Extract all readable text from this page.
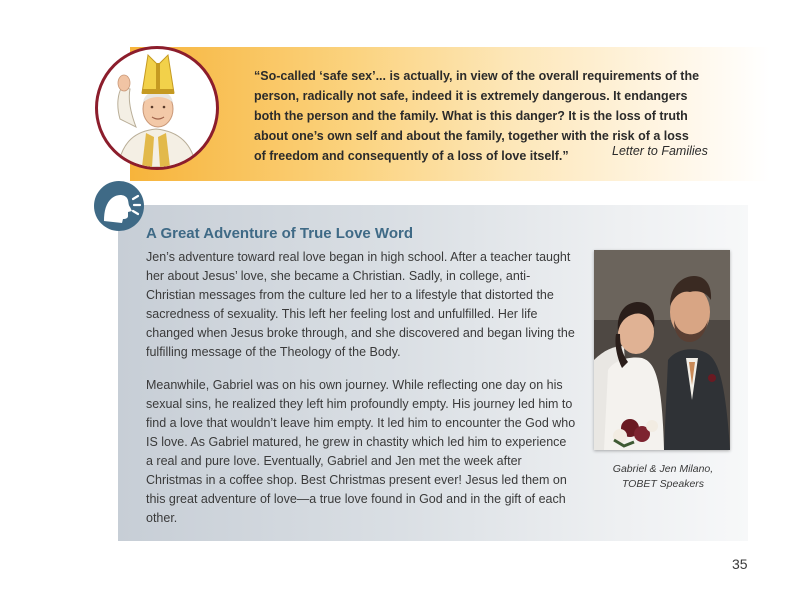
“So-called ‘safe sex’... is actually, in view of the overall requirements of the
person, radically not safe, indeed it is extremely dangerous. It endangers
both the person and the family. What is this danger? It is the loss of truth
about one’s own self and about the family, together with the risk of a loss
of freedom and consequently of a loss of love itself.”	Letter to Families
A Great Adventure of True Love Word

Jen’s adventure toward real love began in high school. After a teacher taught her about Jesus’ love, she became a Christian. Sadly, in college, anti-Christian messages from the culture led her to a lifestyle that distorted the sacredness of sexuality. This left her feeling lost and unfulfilled. Her life changed when Jesus broke through, and she discovered and began living the fulfilling message of the Theology of the Body.

Meanwhile, Gabriel was on his own journey. While reflecting one day on his sexual sins, he realized they left him profoundly empty. His journey led him to find a love that wouldn’t leave him empty. It led him to encounter the God who IS love. As Gabriel matured, he grew in chastity which led him to experience a real and pure love. Eventually, Gabriel and Jen met the week after Christmas in a coffee shop. Best Christmas present ever! Jesus led them on this great adventure of love—a true love found in God and in the gift of each other.

Gabriel & Jen Milano,
TOBET Speakers
35
